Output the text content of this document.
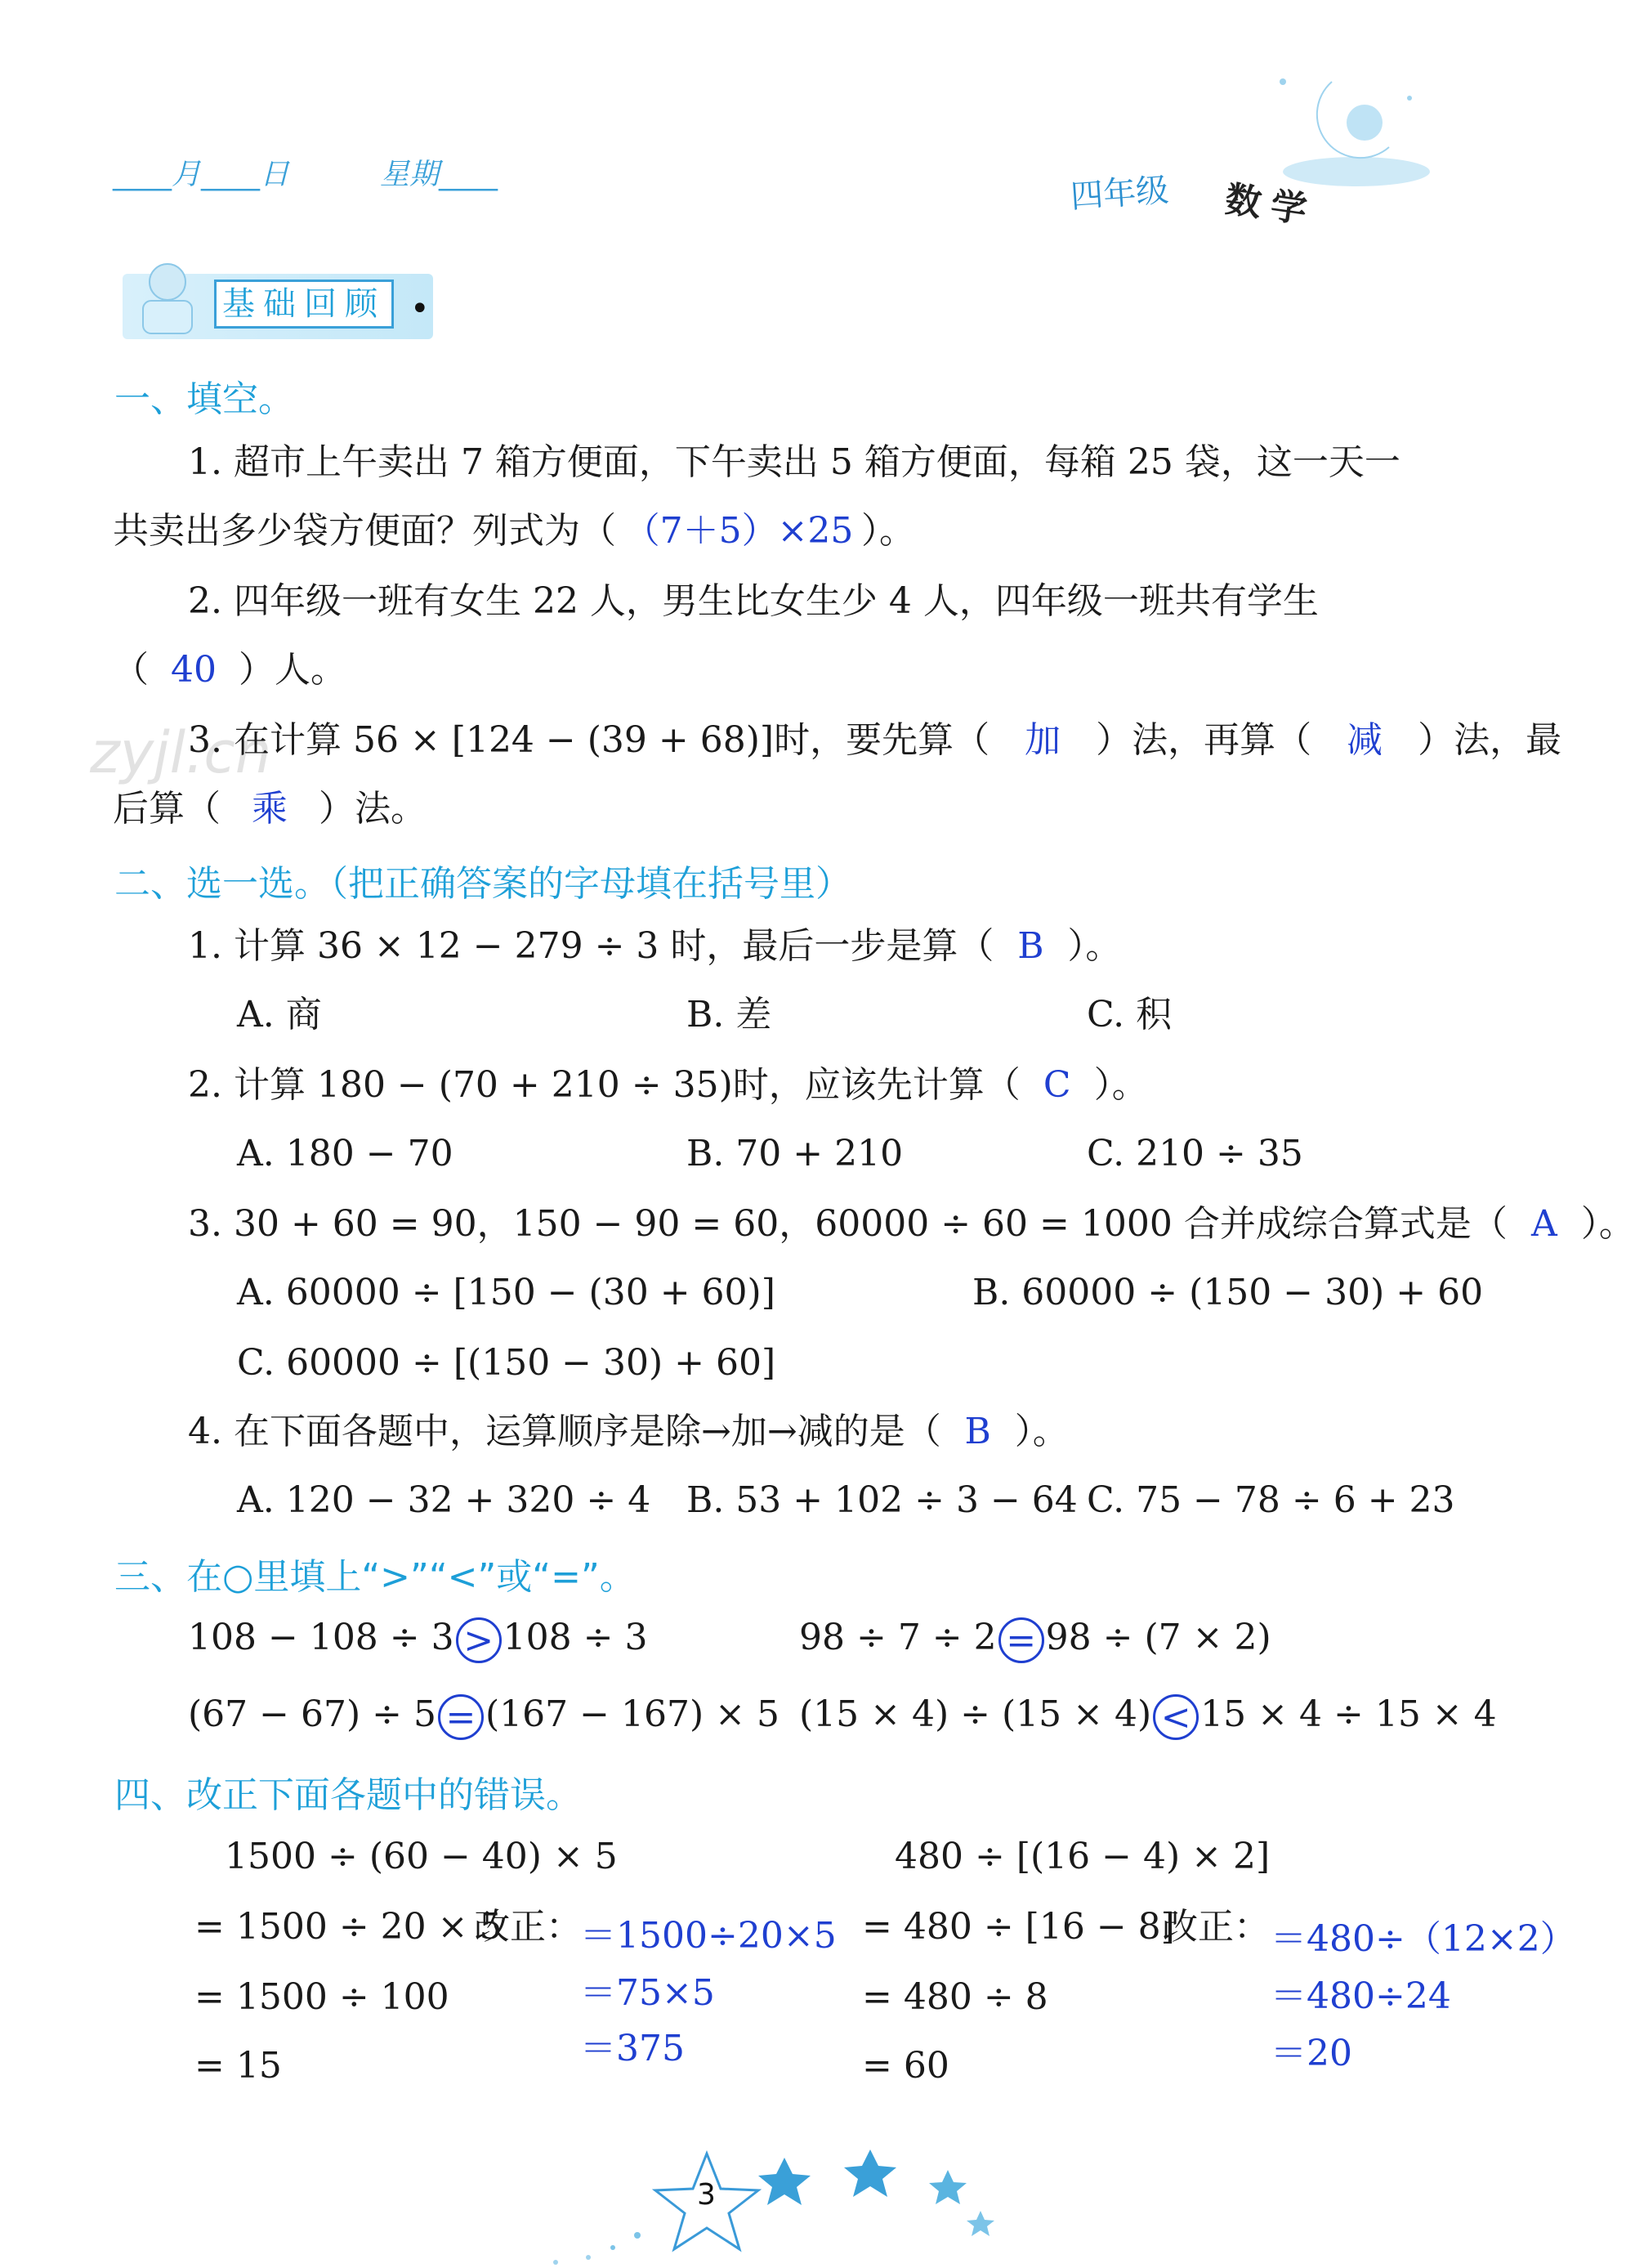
____月____日	星期____	四年级 数学
基础回顾 •
zyjl.cn
一、填空。
1. 超市上午卖出 7 箱方便面，下午卖出 5 箱方便面，每箱 25 袋，这一天一
共卖出多少袋方便面？列式为（ （7＋5）×25 ）。
2. 四年级一班有女生 22 人，男生比女生少 4 人，四年级一班共有学生
（ 40 ）人。
3. 在计算 56 × [124 − (39 + 68)]时，要先算（ 加 ）法，再算（ 减 ）法，最
后算（ 乘 ）法。
二、选一选。（把正确答案的字母填在括号里）
1. 计算 36 × 12 − 279 ÷ 3 时，最后一步是算（ B ）。
A. 商	B. 差	C. 积
2. 计算 180 − (70 + 210 ÷ 35)时，应该先计算（ C ）。
A. 180 − 70	B. 70 + 210	C. 210 ÷ 35
3. 30 + 60 = 90，150 − 90 = 60，60000 ÷ 60 = 1000 合并成综合算式是（ A ）。
A. 60000 ÷ [150 − (30 + 60)]	B. 60000 ÷ (150 − 30) + 60
C. 60000 ÷ [(150 − 30) + 60]
4. 在下面各题中，运算顺序是除→加→减的是（ B ）。
A. 120 − 32 + 320 ÷ 4 B. 53 + 102 ÷ 3 − 64 C. 75 − 78 ÷ 6 + 23
三、在○里填上“>”“<”或“=”。
108 − 108 ÷ 3 > 108 ÷ 3	98 ÷ 7 ÷ 2 = 98 ÷ (7 × 2)
(67 − 67) ÷ 5 = (167 − 167) × 5 (15 × 4) ÷ (15 × 4) < 15 × 4 ÷ 15 × 4
四、改正下面各题中的错误。
1500 ÷ (60 − 40) × 5
= 1500 ÷ 20 × 5
改正：
= 1500 ÷ 100
= 15
＝1500÷20×5
＝75×5
＝375
480 ÷ [(16 − 4) × 2]
= 480 ÷ [16 − 8]
改正：
= 480 ÷ 8
= 60
＝480÷（12×2）
＝480÷24
＝20
3
